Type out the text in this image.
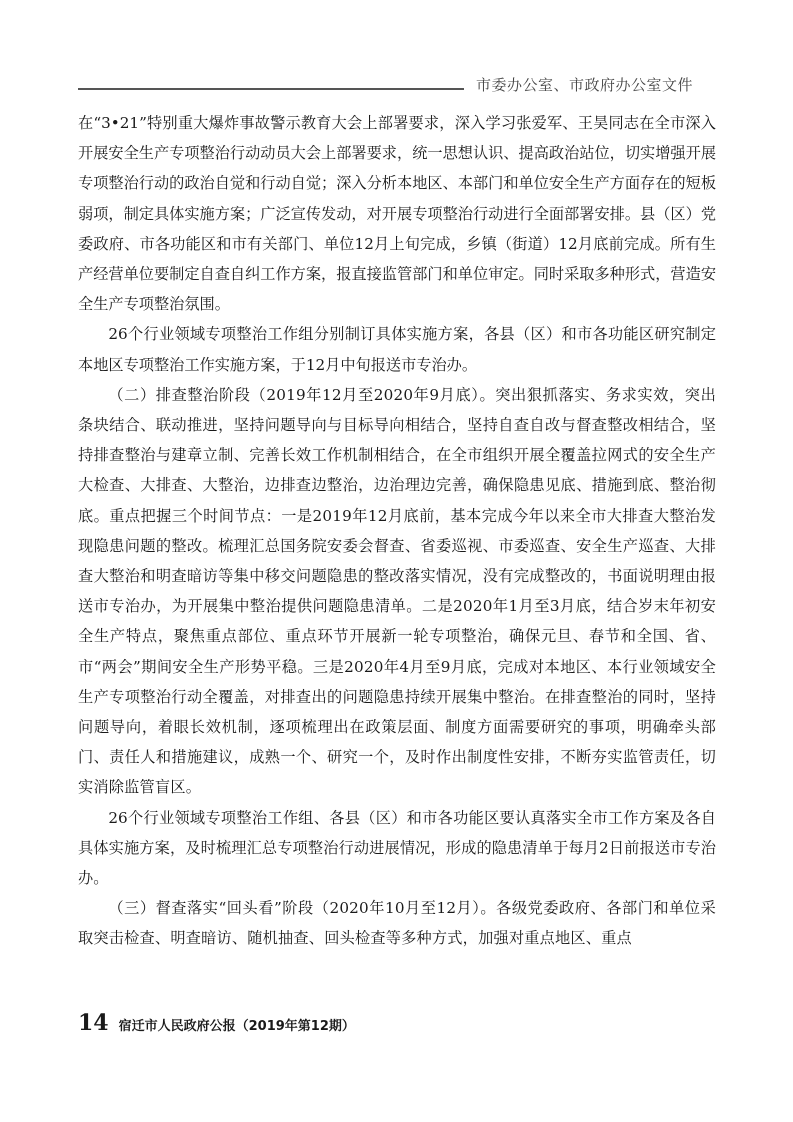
市委办公室、市政府办公室文件

在“3•21”特别重大爆炸事故警示教育大会上部署要求，深入学习张爱军、王昊同志在全市深入开展安全生产专项整治行动动员大会上部署要求，统一思想认识、提高政治站位，切实增强开展专项整治行动的政治自觉和行动自觉；深入分析本地区、本部门和单位安全生产方面存在的短板弱项，制定具体实施方案；广泛宣传发动，对开展专项整治行动进行全面部署安排。县（区）党委政府、市各功能区和市有关部门、单位12月上旬完成，乡镇（街道）12月底前完成。所有生产经营单位要制定自查自纠工作方案，报直接监管部门和单位审定。同时采取多种形式，营造安全生产专项整治氛围。

26个行业领域专项整治工作组分别制订具体实施方案，各县（区）和市各功能区研究制定本地区专项整治工作实施方案，于12月中旬报送市专治办。

（二）排查整治阶段（2019年12月至2020年9月底）。突出狠抓落实、务求实效，突出条块结合、联动推进，坚持问题导向与目标导向相结合，坚持自查自改与督查整改相结合，坚持排查整治与建章立制、完善长效工作机制相结合，在全市组织开展全覆盖拉网式的安全生产大检查、大排查、大整治，边排查边整治，边治理边完善，确保隐患见底、措施到底、整治彻底。重点把握三个时间节点：一是2019年12月底前，基本完成今年以来全市大排查大整治发现隐患问题的整改。梳理汇总国务院安委会督查、省委巡视、市委巡查、安全生产巡查、大排查大整治和明查暗访等集中移交问题隐患的整改落实情况，没有完成整改的，书面说明理由报送市专治办，为开展集中整治提供问题隐患清单。二是2020年1月至3月底，结合岁末年初安全生产特点，聚焦重点部位、重点环节开展新一轮专项整治，确保元旦、春节和全国、省、市“两会”期间安全生产形势平稳。三是2020年4月至9月底，完成对本地区、本行业领域安全生产专项整治行动全覆盖，对排查出的问题隐患持续开展集中整治。在排查整治的同时，坚持问题导向，着眼长效机制，逐项梳理出在政策层面、制度方面需要研究的事项，明确牵头部门、责任人和措施建议，成熟一个、研究一个，及时作出制度性安排，不断夯实监管责任，切实消除监管盲区。

26个行业领域专项整治工作组、各县（区）和市各功能区要认真落实全市工作方案及各自具体实施方案，及时梳理汇总专项整治行动进展情况，形成的隐患清单于每月2日前报送市专治办。

（三）督查落实“回头看”阶段（2020年10月至12月）。各级党委政府、各部门和单位采取突击检查、明查暗访、随机抽查、回头检查等多种方式，加强对重点地区、重点

14 宿迁市人民政府公报（2019年第12期）
